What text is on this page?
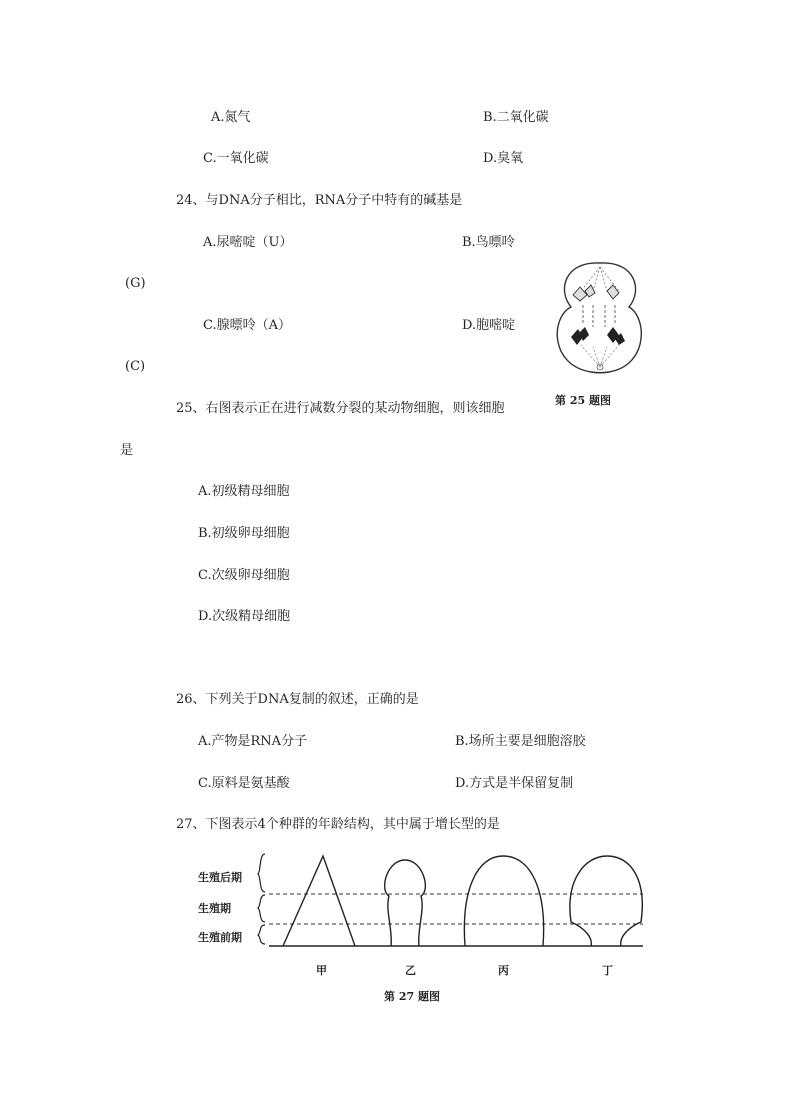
A.氮气	B.二氧化碳
C.一氧化碳	D.臭氧
24、与DNA分子相比，RNA分子中特有的碱基是
A.尿嘧啶（U）	B.鸟嘌呤
(G)
C.腺嘌呤（A）	D.胞嘧啶
(C)
第 25 题图
25、右图表示正在进行减数分裂的某动物细胞，则该细胞
是
A.初级精母细胞
B.初级卵母细胞
C.次级卵母细胞
D.次级精母细胞
26、下列关于DNA复制的叙述，正确的是
A.产物是RNA分子	B.场所主要是细胞溶胶
C.原料是氨基酸	D.方式是半保留复制
27、下图表示4个种群的年龄结构，其中属于增长型的是
生殖后期
生殖期
生殖前期
甲	乙	丙	丁
第 27 题图
